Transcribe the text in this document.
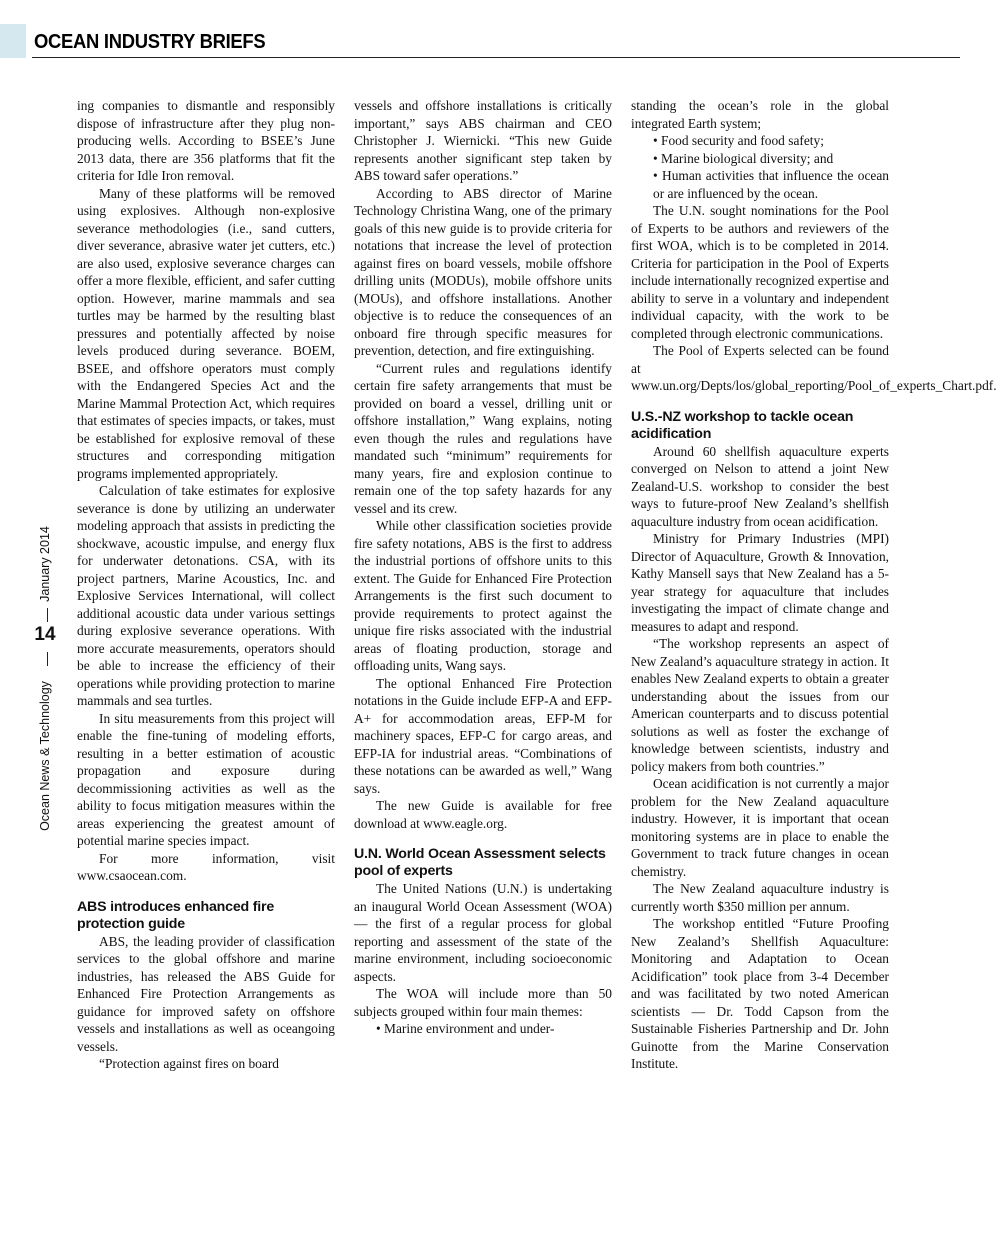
OCEAN INDUSTRY BRIEFS
January 2014
14
Ocean News & Technology

ing companies to dismantle and responsibly dispose of infrastructure after they plug non-producing wells. According to BSEE’s June 2013 data, there are 356 platforms that fit the criteria for Idle Iron removal.

Many of these platforms will be removed using explosives. Although non-explosive severance methodologies (i.e., sand cutters, diver severance, abrasive water jet cutters, etc.) are also used, explosive severance charges can offer a more flexible, efficient, and safer cutting option. However, marine mammals and sea turtles may be harmed by the resulting blast pressures and potentially affected by noise levels produced during severance. BOEM, BSEE, and offshore operators must comply with the Endangered Species Act and the Marine Mammal Protection Act, which requires that estimates of species impacts, or takes, must be established for explosive removal of these structures and corresponding mitigation programs implemented appropriately.

Calculation of take estimates for explosive severance is done by utilizing an underwater modeling approach that assists in predicting the shockwave, acoustic impulse, and energy flux for underwater detonations. CSA, with its project partners, Marine Acoustics, Inc. and Explosive Services International, will collect additional acoustic data under various settings during explosive severance operations. With more accurate measurements, operators should be able to increase the efficiency of their operations while providing protection to marine mammals and sea turtles.

In situ measurements from this project will enable the fine-tuning of modeling efforts, resulting in a better estimation of acoustic propagation and exposure during decommissioning activities as well as the ability to focus mitigation measures within the areas experiencing the greatest amount of potential marine species impact.

For more information, visit www.csaocean.com.

ABS introduces enhanced fire protection guide

ABS, the leading provider of classification services to the global offshore and marine industries, has released the ABS Guide for Enhanced Fire Protection Arrangements as guidance for improved safety on offshore vessels and installations as well as oceangoing vessels.

“Protection against fires on board

vessels and offshore installations is critically important,” says ABS chairman and CEO Christopher J. Wiernicki. “This new Guide represents another significant step taken by ABS toward safer operations.”

According to ABS director of Marine Technology Christina Wang, one of the primary goals of this new guide is to provide criteria for notations that increase the level of protection against fires on board vessels, mobile offshore drilling units (MODUs), mobile offshore units (MOUs), and offshore installations. Another objective is to reduce the consequences of an onboard fire through specific measures for prevention, detection, and fire extinguishing.

“Current rules and regulations identify certain fire safety arrangements that must be provided on board a vessel, drilling unit or offshore installation,” Wang explains, noting even though the rules and regulations have mandated such “minimum” requirements for many years, fire and explosion continue to remain one of the top safety hazards for any vessel and its crew.

While other classification societies provide fire safety notations, ABS is the first to address the industrial portions of offshore units to this extent. The Guide for Enhanced Fire Protection Arrangements is the first such document to provide requirements to protect against the unique fire risks associated with the industrial areas of floating production, storage and offloading units, Wang says.

The optional Enhanced Fire Protection notations in the Guide include EFP-A and EFP-A+ for accommodation areas, EFP-M for machinery spaces, EFP-C for cargo areas, and EFP-IA for industrial areas. “Combinations of these notations can be awarded as well,” Wang says.

The new Guide is available for free download at www.eagle.org.

U.N. World Ocean Assessment selects pool of experts

The United Nations (U.N.) is undertaking an inaugural World Ocean Assessment (WOA) — the first of a regular process for global reporting and assessment of the state of the marine environment, including socioeconomic aspects.

The WOA will include more than 50 subjects grouped within four main themes:

• Marine environment and under-

standing the ocean’s role in the global integrated Earth system;

• Food security and food safety;

• Marine biological diversity; and

• Human activities that influence the ocean or are influenced by the ocean.

The U.N. sought nominations for the Pool of Experts to be authors and reviewers of the first WOA, which is to be completed in 2014. Criteria for participation in the Pool of Experts include internationally recognized expertise and ability to serve in a voluntary and independent individual capacity, with the work to be completed through electronic communications.

The Pool of Experts selected can be found at www.un.org/Depts/los/global_reporting/Pool_of_experts_Chart.pdf.

U.S.-NZ workshop to tackle ocean acidification

Around 60 shellfish aquaculture experts converged on Nelson to attend a joint New Zealand-U.S. workshop to consider the best ways to future-proof New Zealand’s shellfish aquaculture industry from ocean acidification.

Ministry for Primary Industries (MPI) Director of Aquaculture, Growth & Innovation, Kathy Mansell says that New Zealand has a 5-year strategy for aquaculture that includes investigating the impact of climate change and measures to adapt and respond.

“The workshop represents an aspect of New Zealand’s aquaculture strategy in action. It enables New Zealand experts to obtain a greater understanding about the issues from our American counterparts and to discuss potential solutions as well as foster the exchange of knowledge between scientists, industry and policy makers from both countries.”

Ocean acidification is not currently a major problem for the New Zealand aquaculture industry. However, it is important that ocean monitoring systems are in place to enable the Government to track future changes in ocean chemistry.

The New Zealand aquaculture industry is currently worth $350 million per annum.

The workshop entitled “Future Proofing New Zealand’s Shellfish Aquaculture: Monitoring and Adaptation to Ocean Acidification” took place from 3-4 December and was facilitated by two noted American scientists — Dr. Todd Capson from the Sustainable Fisheries Partnership and Dr. John Guinotte from the Marine Conservation Institute.
